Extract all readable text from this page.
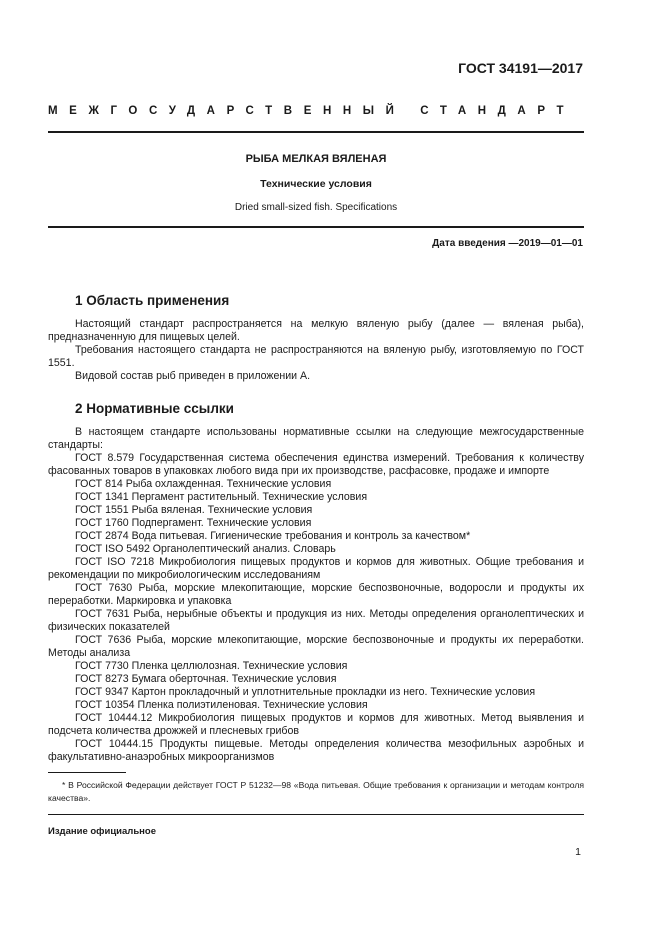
ГОСТ 34191—2017
МЕЖГОСУДАРСТВЕННЫЙ СТАНДАРТ
РЫБА МЕЛКАЯ ВЯЛЕНАЯ
Технические условия
Dried small-sized fish. Specifications
Дата введения —2019—01—01
1 Область применения

Настоящий стандарт распространяется на мелкую вяленую рыбу (далее — вяленая рыба), предназначенную для пищевых целей.

Требования настоящего стандарта не распространяются на вяленую рыбу, изготовляемую по ГОСТ 1551.

Видовой состав рыб приведен в приложении А.

2 Нормативные ссылки

В настоящем стандарте использованы нормативные ссылки на следующие межгосударственные стандарты:

ГОСТ 8.579 Государственная система обеспечения единства измерений. Требования к количеству фасованных товаров в упаковках любого вида при их производстве, расфасовке, продаже и импорте

ГОСТ 814 Рыба охлажденная. Технические условия

ГОСТ 1341 Пергамент растительный. Технические условия

ГОСТ 1551 Рыба вяленая. Технические условия

ГОСТ 1760 Подпергамент. Технические условия

ГОСТ 2874 Вода питьевая. Гигиенические требования и контроль за качеством*

ГОСТ ISO 5492 Органолептический анализ. Словарь

ГОСТ ISO 7218 Микробиология пищевых продуктов и кормов для животных. Общие требования и рекомендации по микробиологическим исследованиям

ГОСТ 7630 Рыба, морские млекопитающие, морские беспозвоночные, водоросли и продукты их переработки. Маркировка и упаковка

ГОСТ 7631 Рыба, нерыбные объекты и продукция из них. Методы определения органолептических и физических показателей

ГОСТ 7636 Рыба, морские млекопитающие, морские беспозвоночные и продукты их переработки. Методы анализа

ГОСТ 7730 Пленка целлюлозная. Технические условия

ГОСТ 8273 Бумага оберточная. Технические условия

ГОСТ 9347 Картон прокладочный и уплотнительные прокладки из него. Технические условия

ГОСТ 10354 Пленка полиэтиленовая. Технические условия

ГОСТ 10444.12 Микробиология пищевых продуктов и кормов для животных. Метод выявления и подсчета количества дрожжей и плесневых грибов

ГОСТ 10444.15 Продукты пищевые. Методы определения количества мезофильных аэробных и факультативно-анаэробных микроорганизмов

* В Российской Федерации действует ГОСТ Р 51232—98 «Вода питьевая. Общие требования к организации и методам контроля качества».

Издание официальное
1
